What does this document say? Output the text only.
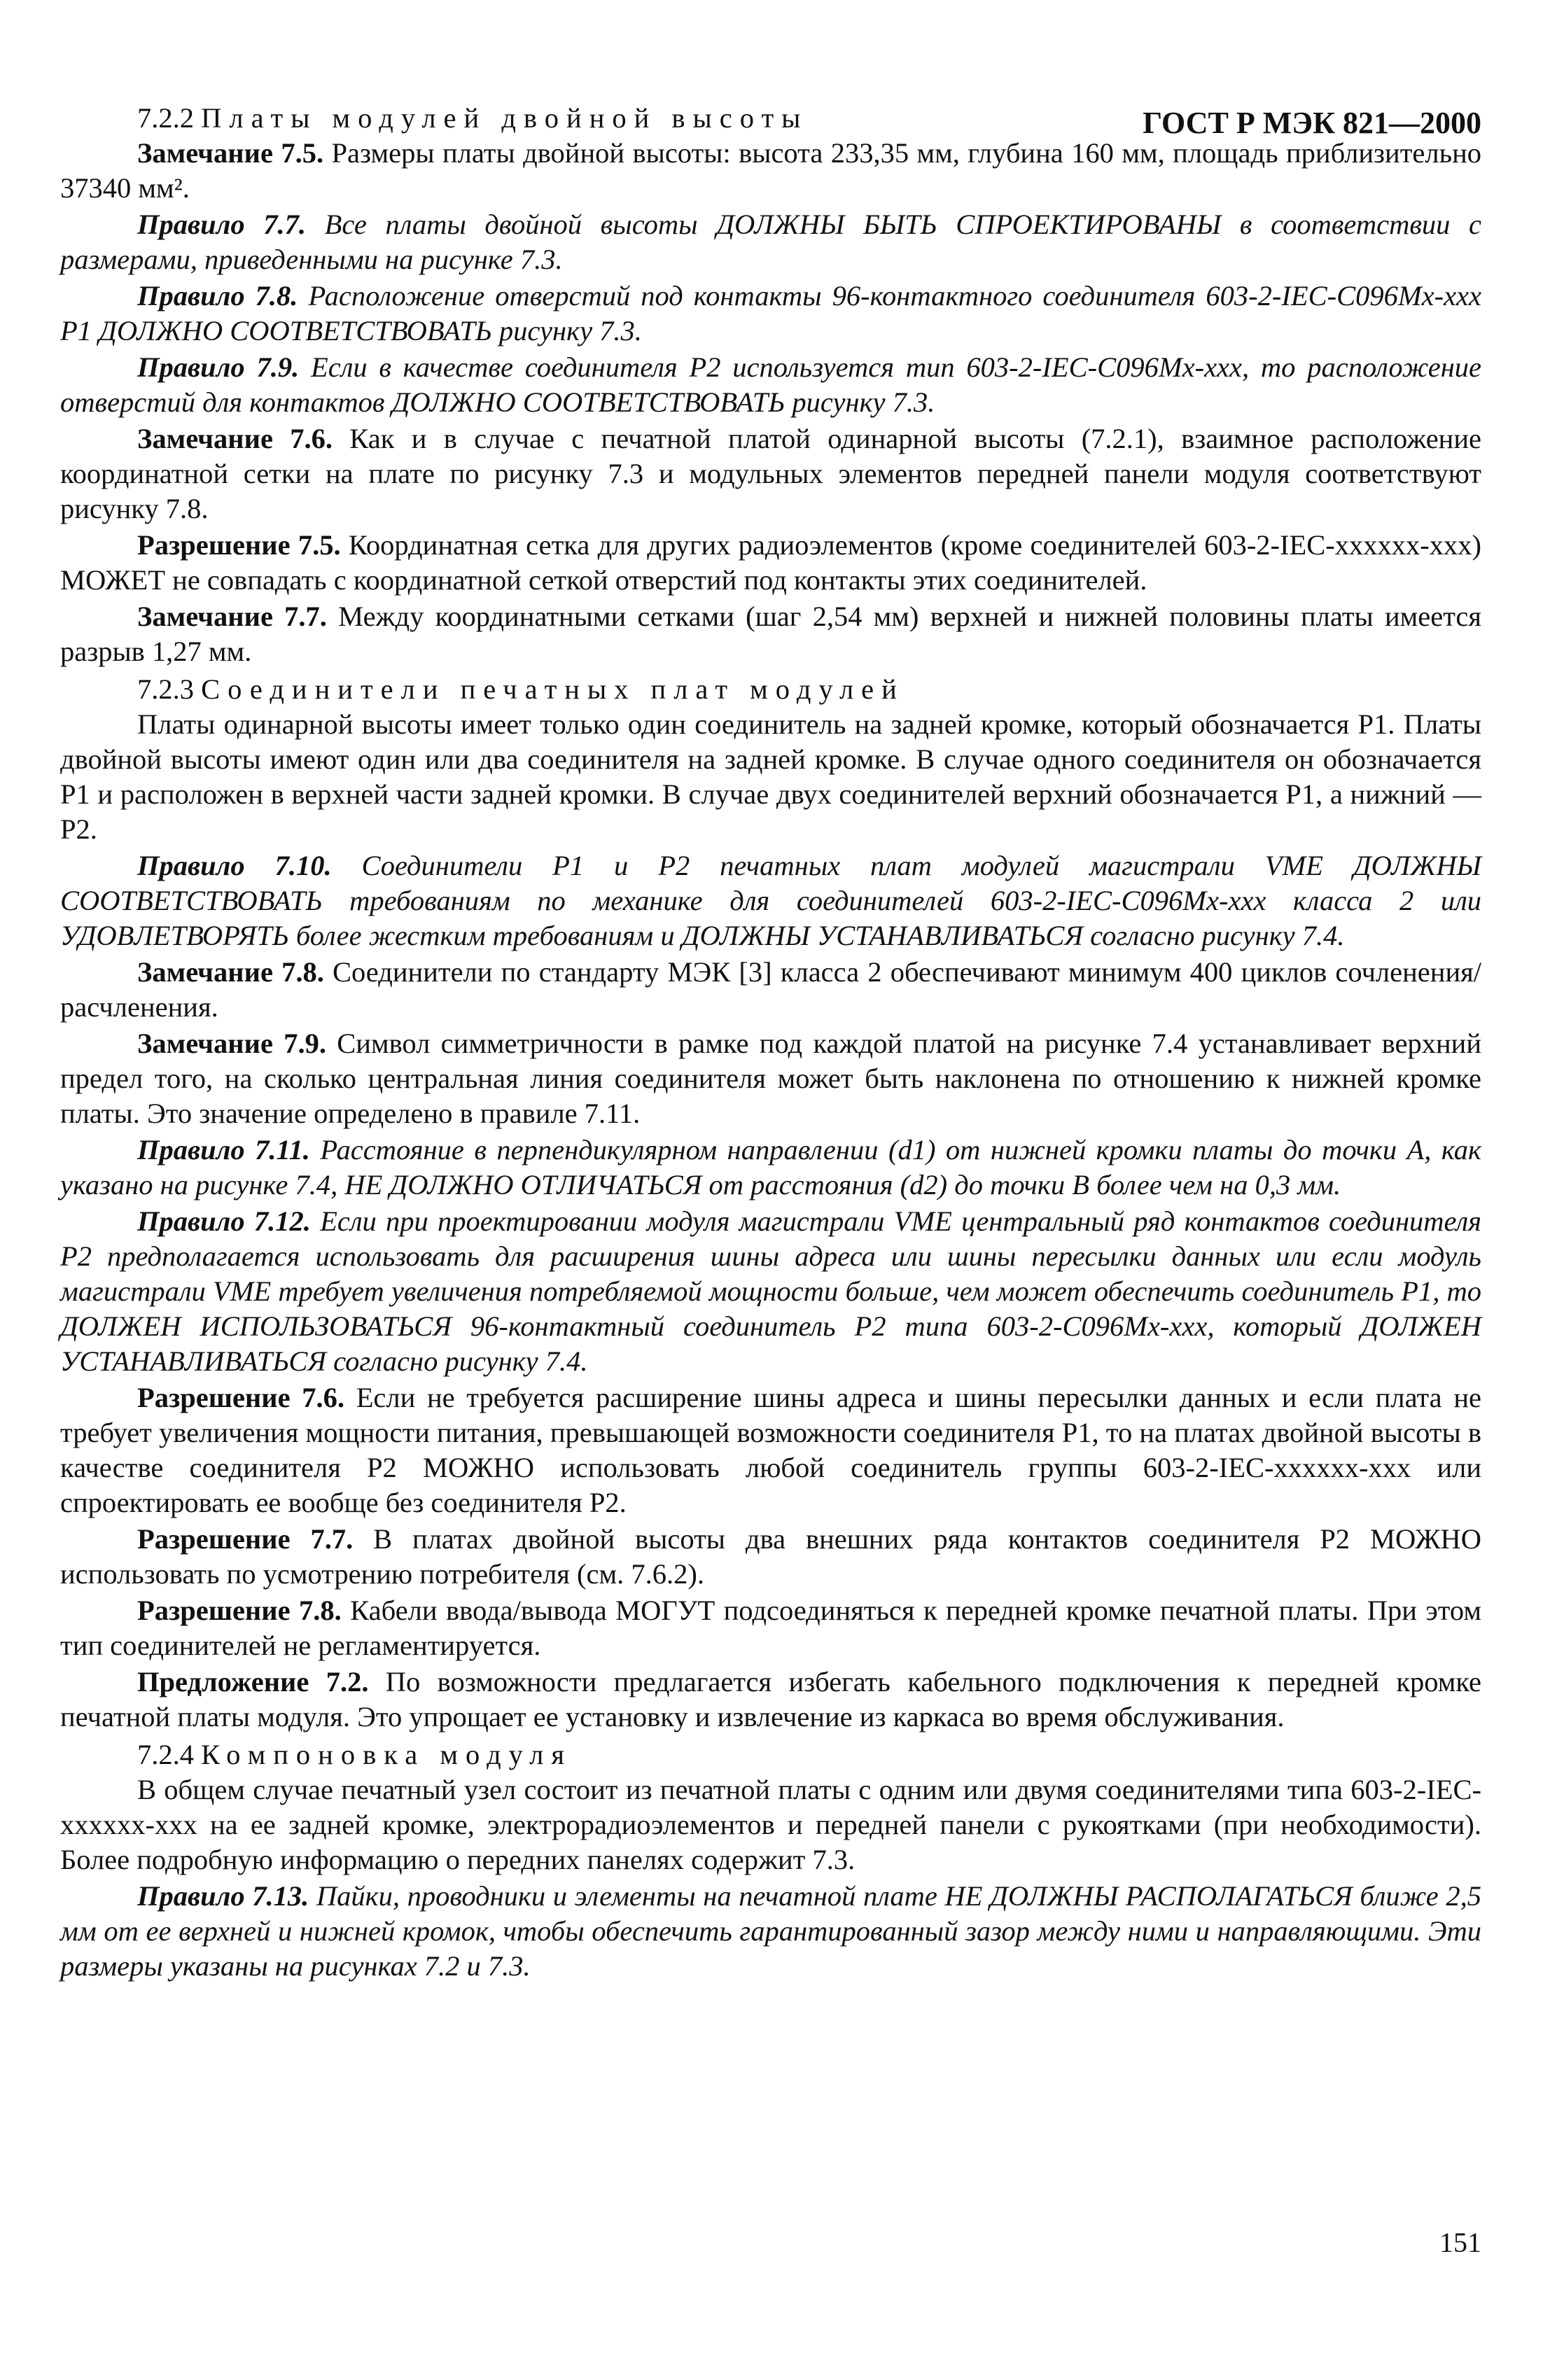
ГОСТ Р МЭК 821—2000
7.2.2 Платы модулей двойной высоты
Замечание 7.5. Размеры платы двойной высоты: высота 233,35 мм, глубина 160 мм, площадь приблизительно 37340 мм².
Правило 7.7. Все платы двойной высоты ДОЛЖНЫ БЫТЬ СПРОЕКТИРОВАНЫ в соответствии с размерами, приведенными на рисунке 7.3.
Правило 7.8. Расположение отверстий под контакты 96-контактного соединителя 603-2-IEC-C096Mx-xxx P1 ДОЛЖНО СООТВЕТСТВОВАТЬ рисунку 7.3.
Правило 7.9. Если в качестве соединителя P2 используется тип 603-2-IEC-C096Mx-xxx, то расположение отверстий для контактов ДОЛЖНО СООТВЕТСТВОВАТЬ рисунку 7.3.
Замечание 7.6. Как и в случае с печатной платой одинарной высоты (7.2.1), взаимное расположение координатной сетки на плате по рисунку 7.3 и модульных элементов передней панели модуля соответствуют рисунку 7.8.
Разрешение 7.5. Координатная сетка для других радиоэлементов (кроме соединителей 603-2-IEC-xxxxxx-xxx) МОЖЕТ не совпадать с координатной сеткой отверстий под контакты этих соединителей.
Замечание 7.7. Между координатными сетками (шаг 2,54 мм) верхней и нижней половины платы имеется разрыв 1,27 мм.
7.2.3 Соединители печатных плат модулей
Платы одинарной высоты имеет только один соединитель на задней кромке, который обозначается P1. Платы двойной высоты имеют один или два соединителя на задней кромке. В случае одного соединителя он обозначается P1 и расположен в верхней части задней кромки. В случае двух соединителей верхний обозначается P1, а нижний — P2.
Правило 7.10. Соединители P1 и P2 печатных плат модулей магистрали VME ДОЛЖНЫ СООТВЕТСТВОВАТЬ требованиям по механике для соединителей 603-2-IEC-C096Mx-xxx класса 2 или УДОВЛЕТВОРЯТЬ более жестким требованиям и ДОЛЖНЫ УСТАНАВЛИВАТЬСЯ согласно рисунку 7.4.
Замечание 7.8. Соединители по стандарту МЭК [3] класса 2 обеспечивают минимум 400 циклов сочленения/расчленения.
Замечание 7.9. Символ симметричности в рамке под каждой платой на рисунке 7.4 устанавливает верхний предел того, на сколько центральная линия соединителя может быть наклонена по отношению к нижней кромке платы. Это значение определено в правиле 7.11.
Правило 7.11. Расстояние в перпендикулярном направлении (d1) от нижней кромки платы до точки A, как указано на рисунке 7.4, НЕ ДОЛЖНО ОТЛИЧАТЬСЯ от расстояния (d2) до точки B более чем на 0,3 мм.
Правило 7.12. Если при проектировании модуля магистрали VME центральный ряд контактов соединителя P2 предполагается использовать для расширения шины адреса или шины пересылки данных или если модуль магистрали VME требует увеличения потребляемой мощности больше, чем может обеспечить соединитель P1, то ДОЛЖЕН ИСПОЛЬЗОВАТЬСЯ 96-контактный соединитель P2 типа 603-2-C096Mx-xxx, который ДОЛЖЕН УСТАНАВЛИВАТЬСЯ согласно рисунку 7.4.
Разрешение 7.6. Если не требуется расширение шины адреса и шины пересылки данных и если плата не требует увеличения мощности питания, превышающей возможности соединителя P1, то на платах двойной высоты в качестве соединителя P2 МОЖНО использовать любой соединитель группы 603-2-IEC-xxxxxx-xxx или спроектировать ее вообще без соединителя P2.
Разрешение 7.7. В платах двойной высоты два внешних ряда контактов соединителя P2 МОЖНО использовать по усмотрению потребителя (см. 7.6.2).
Разрешение 7.8. Кабели ввода/вывода МОГУТ подсоединяться к передней кромке печатной платы. При этом тип соединителей не регламентируется.
Предложение 7.2. По возможности предлагается избегать кабельного подключения к передней кромке печатной платы модуля. Это упрощает ее установку и извлечение из каркаса во время обслуживания.
7.2.4 Компоновка модуля
В общем случае печатный узел состоит из печатной платы с одним или двумя соединителями типа 603-2-IEC-xxxxxx-xxx на ее задней кромке, электрорадиоэлементов и передней панели с рукоятками (при необходимости). Более подробную информацию о передних панелях содержит 7.3.
Правило 7.13. Пайки, проводники и элементы на печатной плате НЕ ДОЛЖНЫ РАСПОЛАГАТЬСЯ ближе 2,5 мм от ее верхней и нижней кромок, чтобы обеспечить гарантированный зазор между ними и направляющими. Эти размеры указаны на рисунках 7.2 и 7.3.
151
